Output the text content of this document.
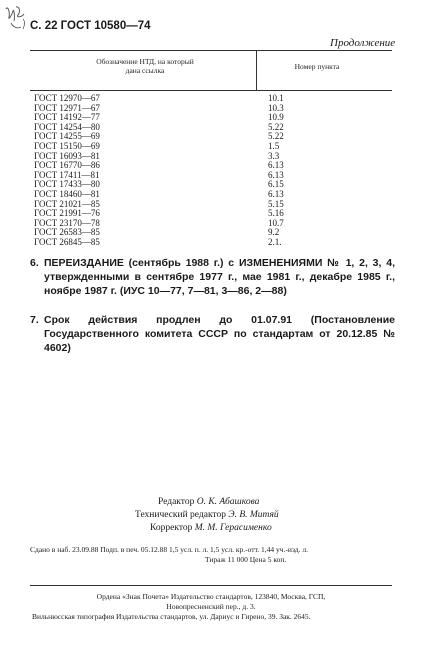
С. 22 ГОСТ 10580—74
Продолжение
Обозначение НТД, на который
дана ссылка	Номер пункта
ГОСТ 12970—67	10.1
ГОСТ 12971—67	10.3
ГОСТ 14192—77	10.9
ГОСТ 14254—80	5.22
ГОСТ 14255—69	5.22
ГОСТ 15150—69	1.5
ГОСТ 16093—81	3.3
ГОСТ 16770—86	6.13
ГОСТ 17411—81	6.13
ГОСТ 17433—80	6.15
ГОСТ 18460—81	6.13
ГОСТ 21021—85	5.15
ГОСТ 21991—76	5.16
ГОСТ 23170—78	10.7
ГОСТ 26583—85	9.2
ГОСТ 26845—85	2.1.
6. ПЕРЕИЗДАНИЕ (сентябрь 1988 г.) с ИЗМЕНЕНИЯМИ № 1, 2, 3, 4, утвержденными в сентябре 1977 г., мае 1981 г., декабре 1985 г., ноябре 1987 г. (ИУС 10—77, 7—81, 3—86, 2—88)
7. Срок действия продлен до 01.07.91 (Постановление Государственного комитета СССР по стандартам от 20.12.85 № 4602)
Редактор О. К. Абашкова
Технический редактор Э. В. Митяй
Корректор М. М. Герасименко
Сдано в наб. 23.09.88 Подп. в печ. 05.12.88 1,5 усл. п. л. 1,5 усл. кр.-отт. 1,44 уч.-изд. л.
Тираж 11 000 Цена 5 коп.
Ордена «Знак Почета» Издательство стандартов, 123840, Москва, ГСП,
Новопресненский пер., д. 3.
Вильнюсская типография Издательства стандартов, ул. Дариус и Гирено, 39. Зак. 2645.
